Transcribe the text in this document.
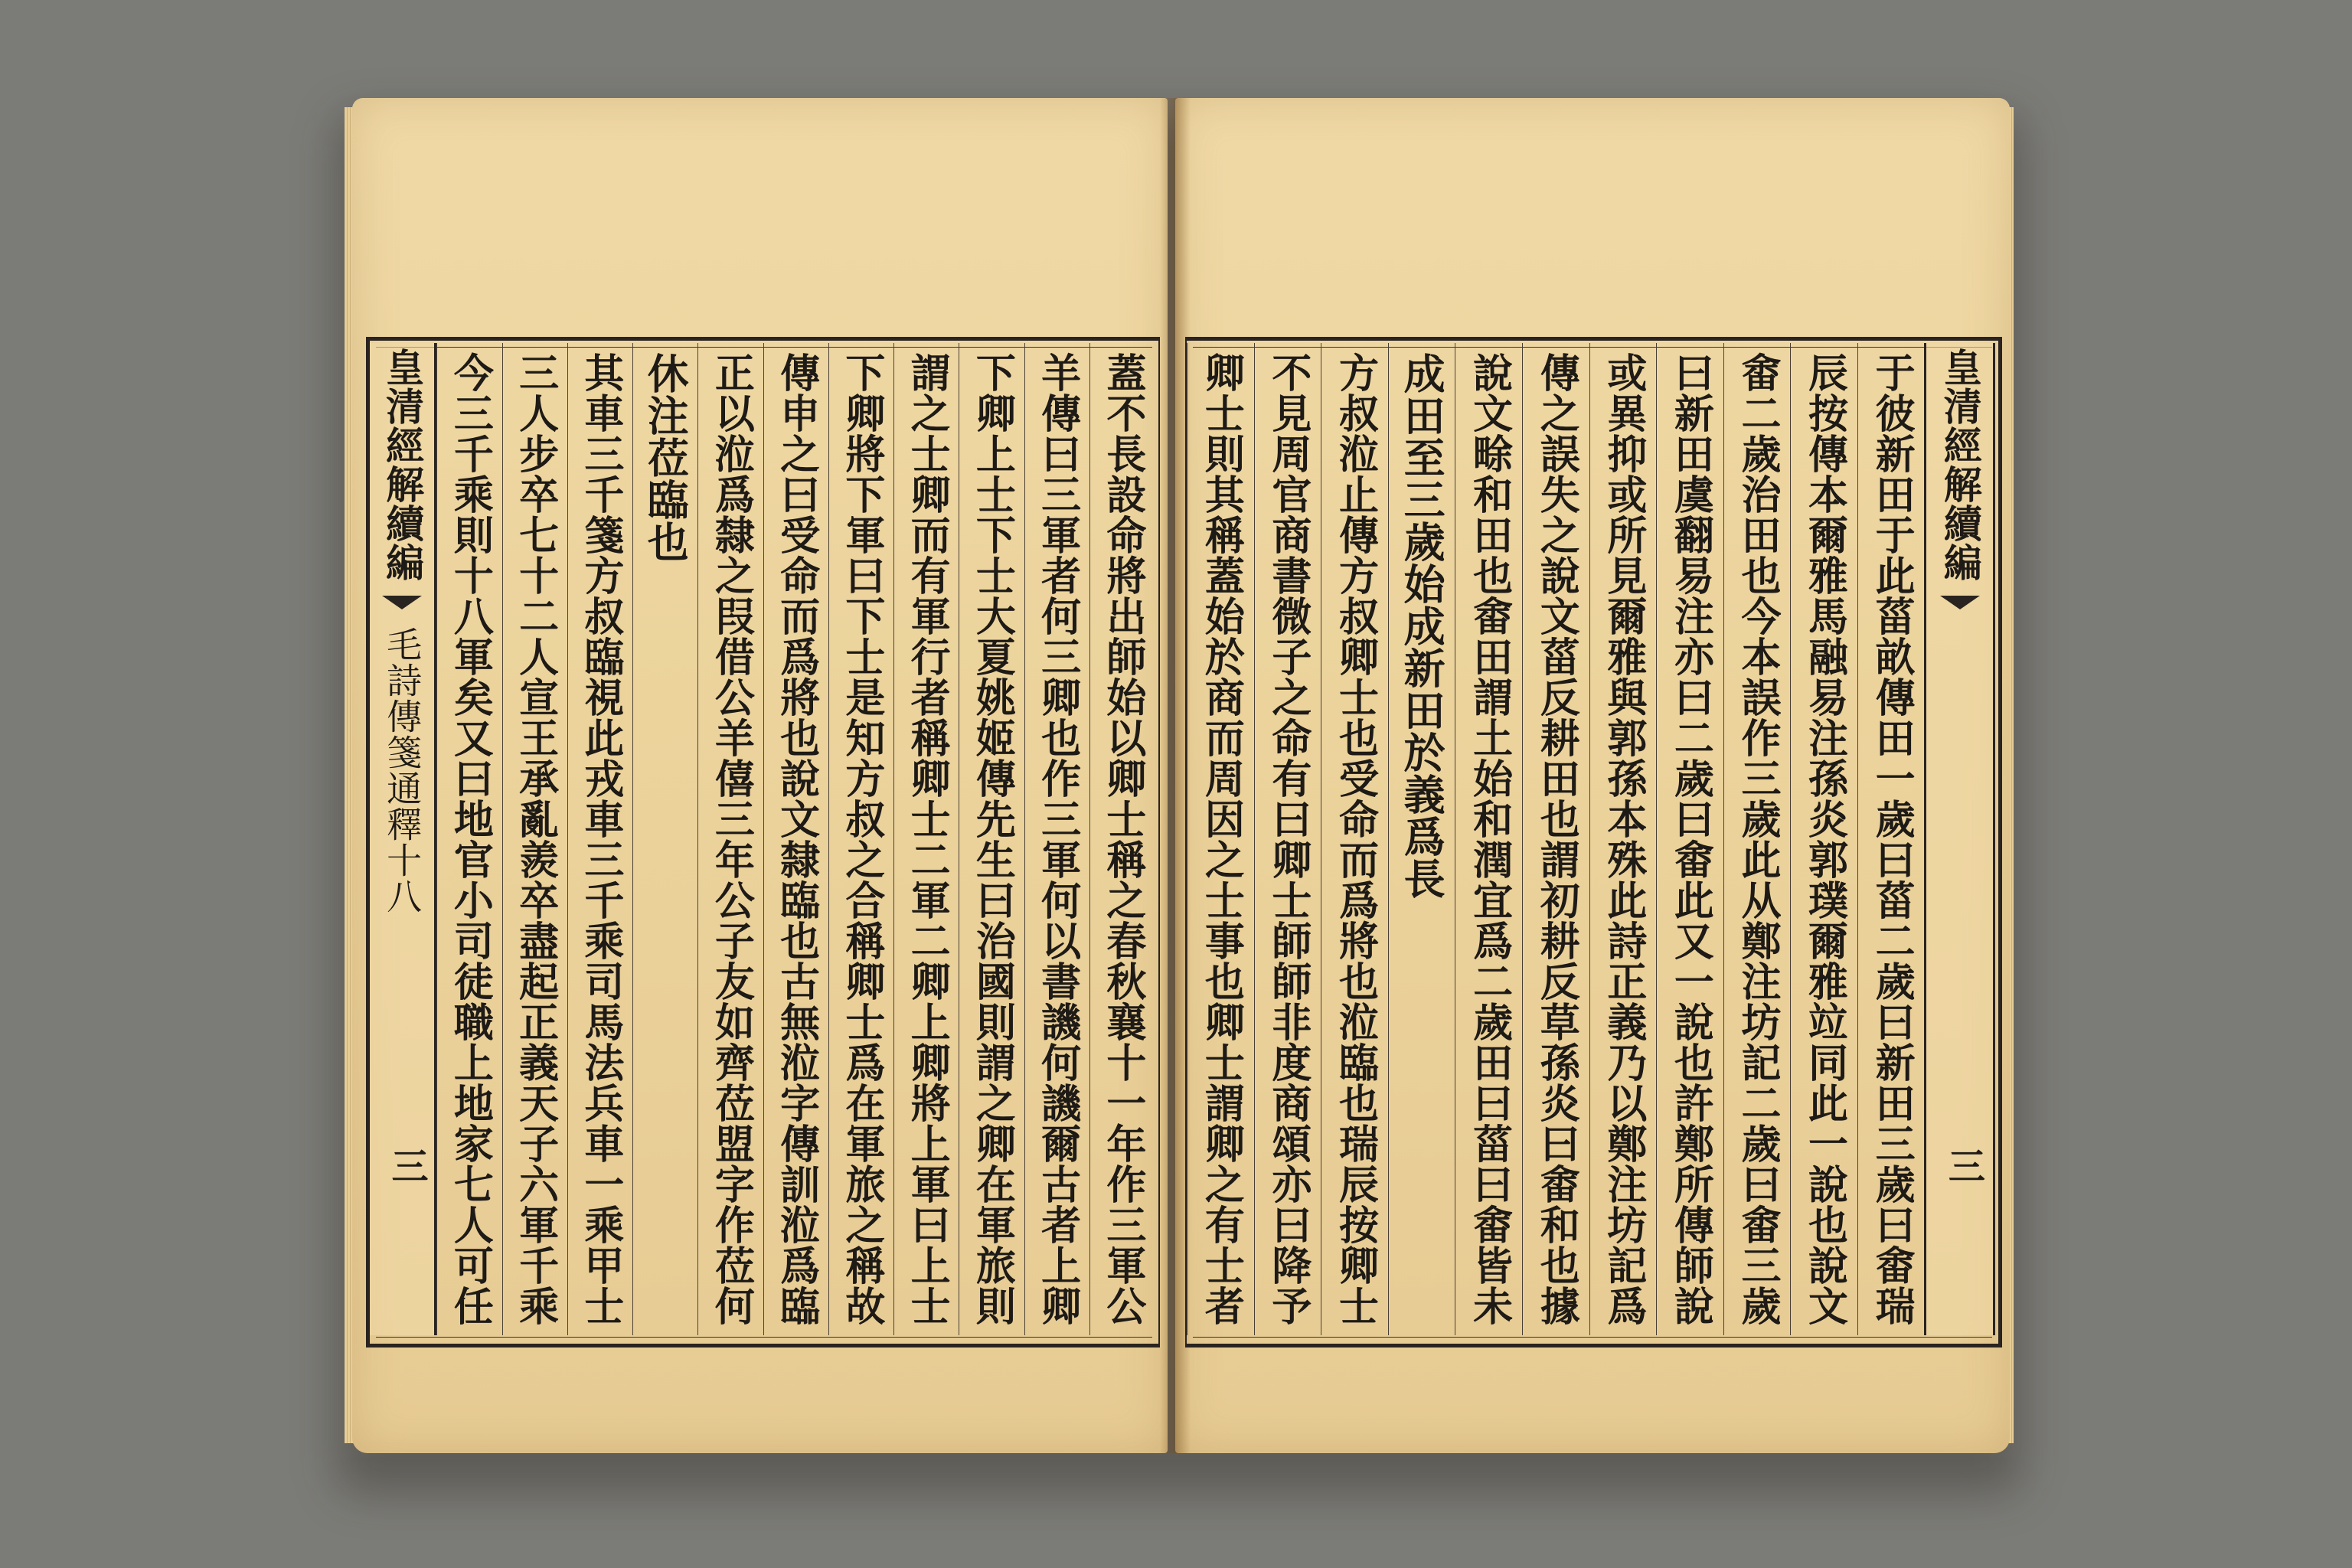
蓋不長設命將出師始以卿士稱之春秋襄十一年作三軍公
羊傳曰三軍者何三卿也作三軍何以書譏何譏爾古者上卿
下卿上士下士大夏姚姬傳先生曰治國則謂之卿在軍旅則
謂之士卿而有軍行者稱卿士二軍二卿上卿將上軍曰上士
下卿將下軍曰下士是知方叔之合稱卿士爲在軍旅之稱故
傳申之曰受命而爲將也說文隸臨也古無涖字傳訓涖爲臨
正以涖爲隸之叚借公羊僖三年公子友如齊莅盟字作莅何
休注莅臨也
其車三千箋方叔臨視此戎車三千乘司馬法兵車一乘甲士
三人步卒七十二人宣王承亂羨卒盡起正義天子六軍千乘
今三千乘則十八軍矣又曰地官小司徒職上地家七人可任
皇清經解續編
毛詩傳箋通釋十八
三
皇清經解續編
三
于彼新田于此菑畝傳田一歲曰菑二歲曰新田三歲曰畬瑞
辰按傳本爾雅馬融易注孫炎郭璞爾雅竝同此一說也說文
畬二歲治田也今本誤作三歲此从鄭注坊記二歲曰畬三歲
曰新田虞翻易注亦曰二歲曰畬此又一說也許鄭所傳師說
或異抑或所見爾雅與郭孫本殊此詩正義乃以鄭注坊記爲
傳之誤失之說文菑反耕田也謂初耕反草孫炎曰畬和也據
說文畭和田也畬田謂土始和潤宜爲二歲田曰菑曰畬皆未
成田至三歲始成新田於義爲長
方叔涖止傳方叔卿士也受命而爲將也涖臨也瑞辰按卿士
不見周官商書微子之命有曰卿士師師非度商頌亦曰降予
卿士則其稱蓋始於商而周因之士事也卿士謂卿之有士者
